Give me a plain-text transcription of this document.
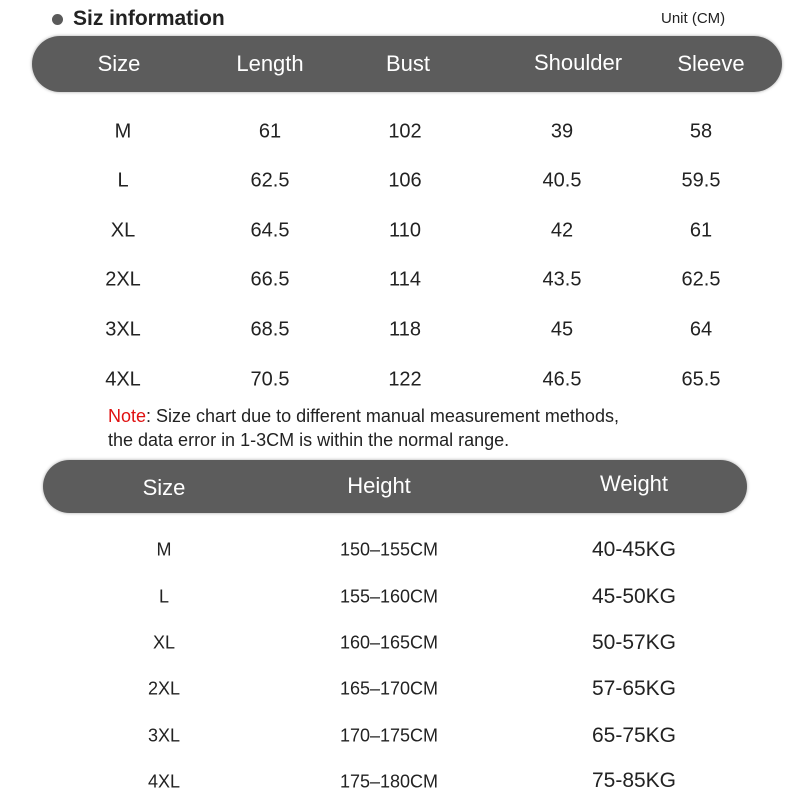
Siz information	Unit (CM)
Size	Length	Bust	Shoulder	Sleeve
M	61	102	39	58
L	62.5	106	40.5	59.5
XL	64.5	110	42	61
2XL	66.5	114	43.5	62.5
3XL	68.5	118	45	64
4XL	70.5	122	46.5	65.5
Note: Size chart due to different manual measurement methods,
the data error in 1-3CM is within the normal range.
Size	Height	Weight
M	150–155CM	40-45KG
L	155–160CM	45-50KG
XL	160–165CM	50-57KG
2XL	165–170CM	57-65KG
3XL	170–175CM	65-75KG
4XL	175–180CM	75-85KG
